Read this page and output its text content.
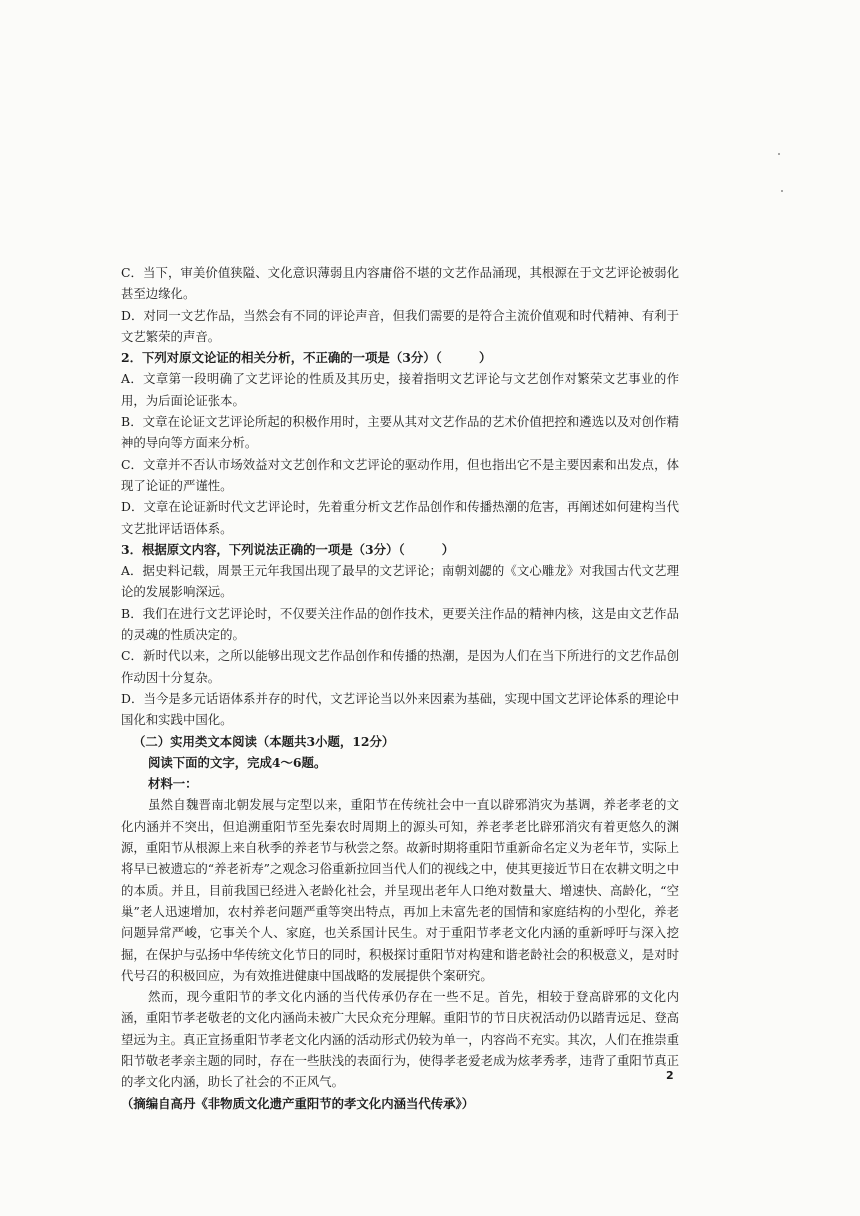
C．当下，审美价值狭隘、文化意识薄弱且内容庸俗不堪的文艺作品涌现，其根源在于文艺评论被弱化甚至边缘化。

D．对同一文艺作品，当然会有不同的评论声音，但我们需要的是符合主流价值观和时代精神、有利于文艺繁荣的声音。

2．下列对原文论证的相关分析，不正确的一项是（3分）（　　　）

A．文章第一段明确了文艺评论的性质及其历史，接着指明文艺评论与文艺创作对繁荣文艺事业的作用，为后面论证张本。

B．文章在论证文艺评论所起的积极作用时，主要从其对文艺作品的艺术价值把控和遴选以及对创作精神的导向等方面来分析。

C．文章并不否认市场效益对文艺创作和文艺评论的驱动作用，但也指出它不是主要因素和出发点，体现了论证的严谨性。

D．文章在论证新时代文艺评论时，先着重分析文艺作品创作和传播热潮的危害，再阐述如何建构当代文艺批评话语体系。

3．根据原文内容，下列说法正确的一项是（3分）（　　　）

A．据史料记载，周景王元年我国出现了最早的文艺评论；南朝刘勰的《文心雕龙》对我国古代文艺理论的发展影响深远。

B．我们在进行文艺评论时，不仅要关注作品的创作技术，更要关注作品的精神内核，这是由文艺作品的灵魂的性质决定的。

C．新时代以来，之所以能够出现文艺作品创作和传播的热潮，是因为人们在当下所进行的文艺作品创作动因十分复杂。

D．当今是多元话语体系并存的时代，文艺评论当以外来因素为基础，实现中国文艺评论体系的理论中国化和实践中国化。

（二）实用类文本阅读（本题共3小题，12分）

阅读下面的文字，完成4～6题。

材料一：

虽然自魏晋南北朝发展与定型以来，重阳节在传统社会中一直以辟邪消灾为基调，养老孝老的文化内涵并不突出，但追溯重阳节至先秦农时周期上的源头可知，养老孝老比辟邪消灾有着更悠久的渊源，重阳节从根源上来自秋季的养老节与秋尝之祭。故新时期将重阳节重新命名定义为老年节，实际上将早已被遗忘的“养老祈寿”之观念习俗重新拉回当代人们的视线之中，使其更接近节日在农耕文明之中的本质。并且，目前我国已经进入老龄化社会，并呈现出老年人口绝对数量大、增速快、高龄化，“空巢”老人迅速增加，农村养老问题严重等突出特点，再加上未富先老的国情和家庭结构的小型化，养老问题异常严峻，它事关个人、家庭，也关系国计民生。对于重阳节孝老文化内涵的重新呼吁与深入挖掘，在保护与弘扬中华传统文化节日的同时，积极探讨重阳节对构建和谐老龄社会的积极意义，是对时代号召的积极回应，为有效推进健康中国战略的发展提供个案研究。

然而，现今重阳节的孝文化内涵的当代传承仍存在一些不足。首先，相较于登高辟邪的文化内涵，重阳节孝老敬老的文化内涵尚未被广大民众充分理解。重阳节的节日庆祝活动仍以踏青远足、登高望远为主。真正宣扬重阳节孝老文化内涵的活动形式仍较为单一，内容尚不充实。其次，人们在推崇重阳节敬老孝亲主题的同时，存在一些肤浅的表面行为，使得孝老爱老成为炫孝秀孝，违背了重阳节真正的孝文化内涵，助长了社会的不正风气。

（摘编自高丹《非物质文化遗产重阳节的孝文化内涵当代传承》）

2
